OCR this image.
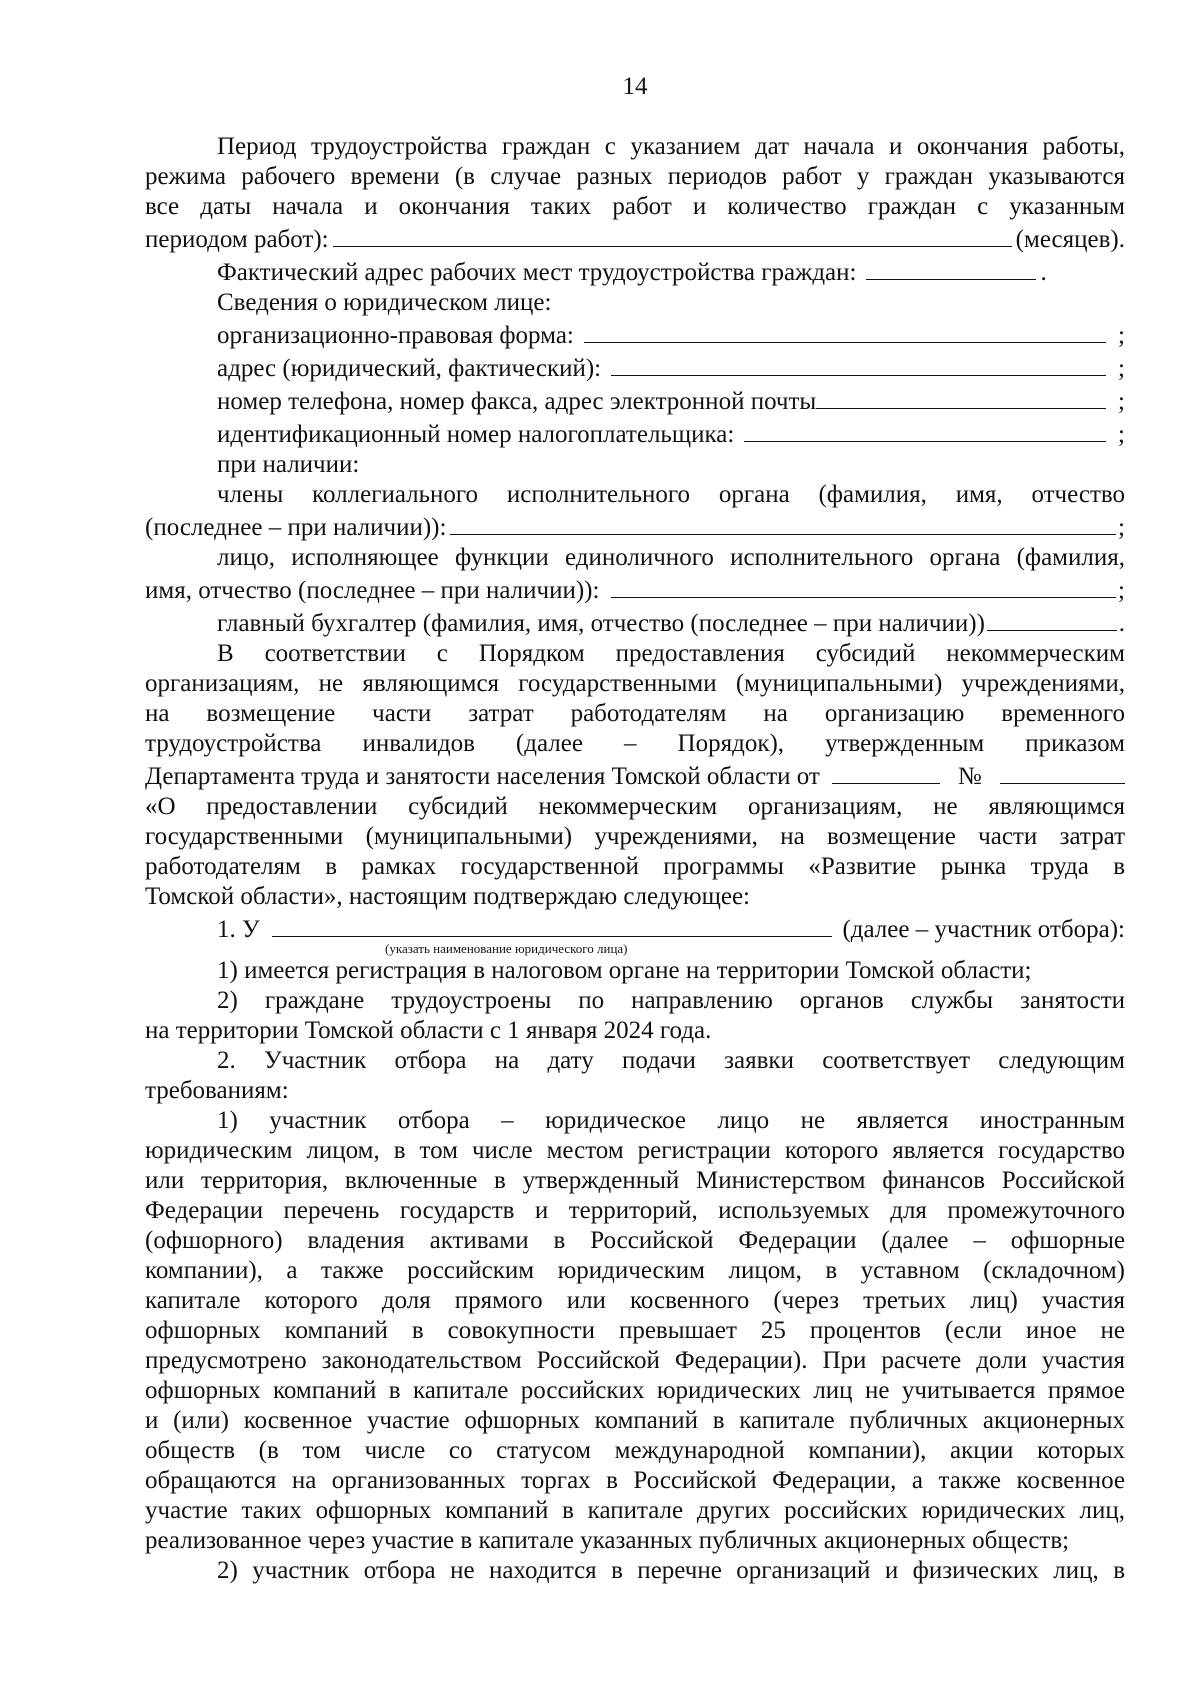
14
Период трудоустройства граждан с указанием дат начала и окончания работы,
режима рабочего времени (в случае разных периодов работ у граждан указываются
все даты начала и окончания таких работ и количество граждан с указанным
периодом работ):	(месяцев).
Фактический адрес рабочих мест трудоустройства граждан:	.

Сведения о юридическом лице:

организационно-правовая форма:	;
адрес (юридический, фактический):	;
номер телефона, номер факса, адрес электронной почты	;
идентификационный номер налогоплательщика:	;

при наличии:

члены коллегиального исполнительного органа (фамилия, имя, отчество
(последнее – при наличии)):	;
лицо, исполняющее функции единоличного исполнительного органа (фамилия,
имя, отчество (последнее – при наличии)):	;
главный бухгалтер (фамилия, имя, отчество (последнее – при наличии))	.
В соответствии с Порядком предоставления субсидий некоммерческим
организациям, не являющимся государственными (муниципальными) учреждениями,
на возмещение части затрат работодателям на организацию временного
трудоустройства инвалидов (далее – Порядок), утвержденным приказом
Департамента труда и занятости населения Томской области от	№
«О предоставлении субсидий некоммерческим организациям, не являющимся
государственными (муниципальными) учреждениями, на возмещение части затрат
работодателям в рамках государственной программы «Развитие рынка труда в
Томской области», настоящим подтверждаю следующее:
1. У	(далее – участник отбора):
(указать наименование юридического лица)

1) имеется регистрация в налоговом органе на территории Томской области;

2) граждане трудоустроены по направлению органов службы занятости
на территории Томской области с 1 января 2024 года.
2. Участник отбора на дату подачи заявки соответствует следующим
требованиям:
1) участник отбора – юридическое лицо не является иностранным
юридическим лицом, в том числе местом регистрации которого является государство
или территория, включенные в утвержденный Министерством финансов Российской
Федерации перечень государств и территорий, используемых для промежуточного
(офшорного) владения активами в Российской Федерации (далее – офшорные
компании), а также российским юридическим лицом, в уставном (складочном)
капитале которого доля прямого или косвенного (через третьих лиц) участия
офшорных компаний в совокупности превышает 25 процентов (если иное не
предусмотрено законодательством Российской Федерации). При расчете доли участия
офшорных компаний в капитале российских юридических лиц не учитывается прямое
и (или) косвенное участие офшорных компаний в капитале публичных акционерных
обществ (в том числе со статусом международной компании), акции которых
обращаются на организованных торгах в Российской Федерации, а также косвенное
участие таких офшорных компаний в капитале других российских юридических лиц,
реализованное через участие в капитале указанных публичных акционерных обществ;
2) участник отбора не находится в перечне организаций и физических лиц, в
